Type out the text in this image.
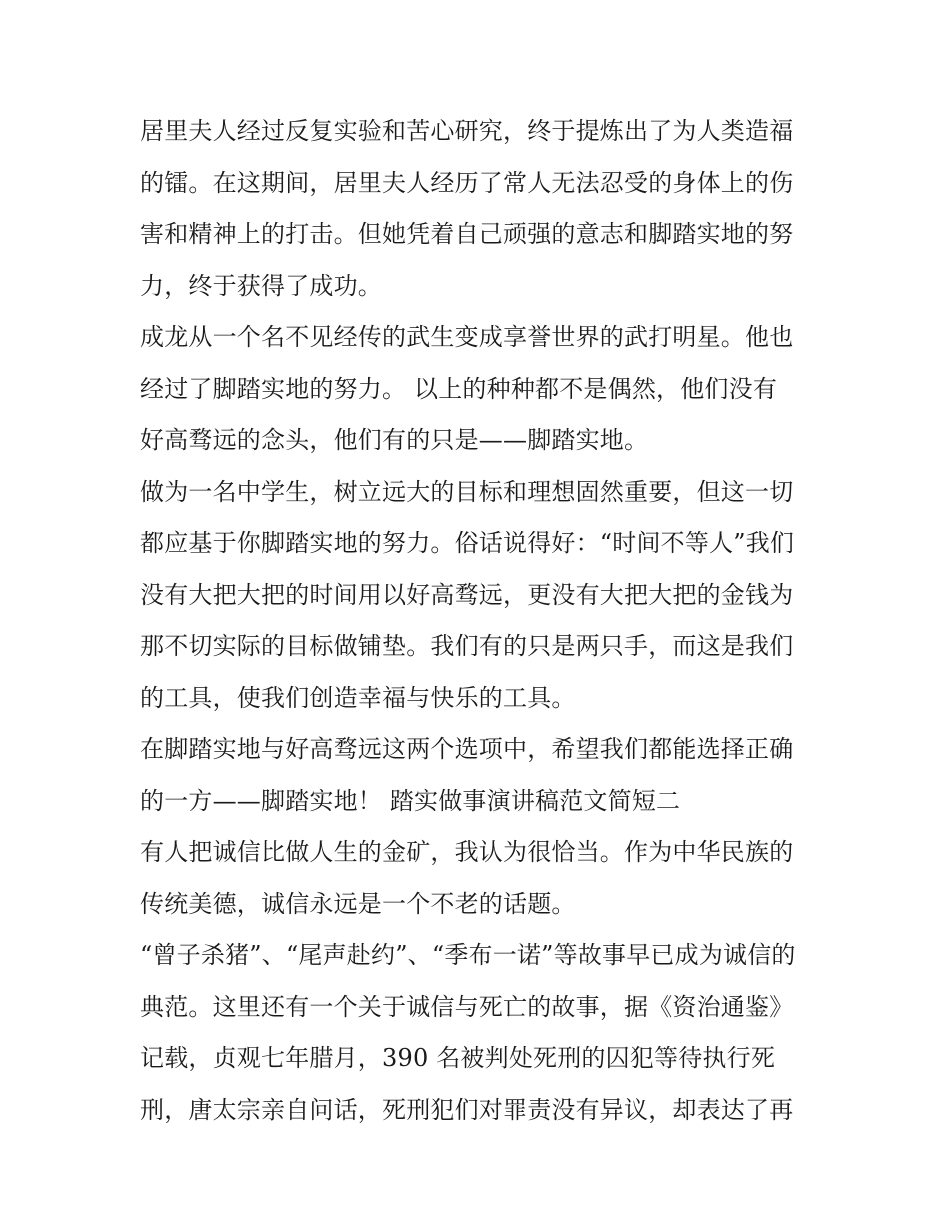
居里夫人经过反复实验和苦心研究，终于提炼出了为人类造福
的镭。在这期间，居里夫人经历了常人无法忍受的身体上的伤
害和精神上的打击。但她凭着自己顽强的意志和脚踏实地的努
力，终于获得了成功。
成龙从一个名不见经传的武生变成享誉世界的武打明星。他也
经过了脚踏实地的努力。 以上的种种都不是偶然，他们没有
好高骛远的念头，他们有的只是——脚踏实地。
做为一名中学生，树立远大的目标和理想固然重要，但这一切
都应基于你脚踏实地的努力。俗话说得好：“时间不等人”我们
没有大把大把的时间用以好高骛远，更没有大把大把的金钱为
那不切实际的目标做铺垫。我们有的只是两只手，而这是我们
的工具，使我们创造幸福与快乐的工具。
在脚踏实地与好高骛远这两个选项中，希望我们都能选择正确
的一方——脚踏实地！ 踏实做事演讲稿范文简短二
有人把诚信比做人生的金矿，我认为很恰当。作为中华民族的
传统美德，诚信永远是一个不老的话题。
“曾子杀猪”、“尾声赴约”、“季布一诺”等故事早已成为诚信的
典范。这里还有一个关于诚信与死亡的故事，据《资治通鉴》
记载，贞观七年腊月，390 名被判处死刑的囚犯等待执行死
刑，唐太宗亲自问话，死刑犯们对罪责没有异议，却表达了再
